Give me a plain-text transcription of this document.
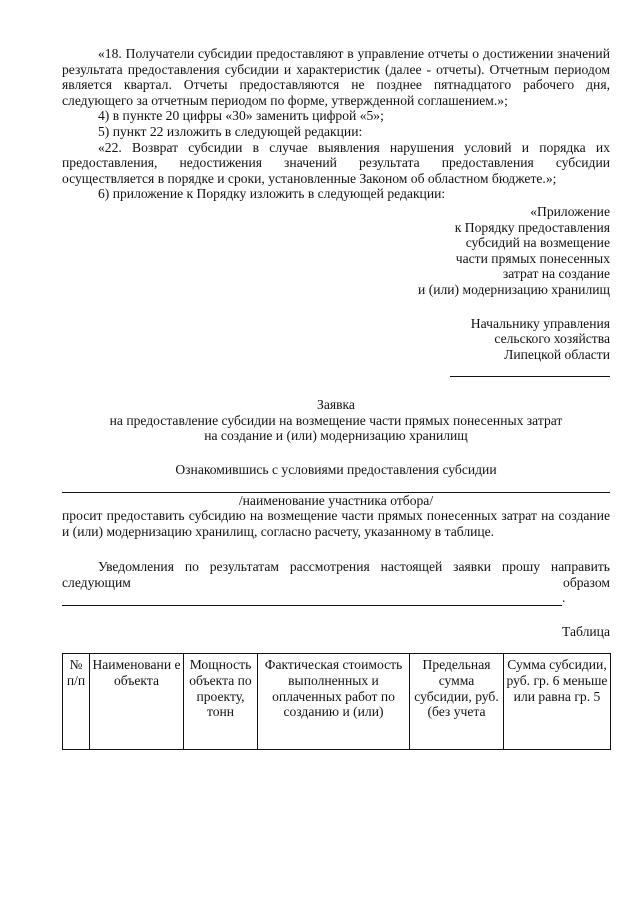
«18. Получатели субсидии предоставляют в управление отчеты о достижении значений результата предоставления субсидии и характеристик (далее - отчеты). Отчетным периодом является квартал. Отчеты предоставляются не позднее пятнадцатого рабочего дня, следующего за отчетным периодом по форме, утвержденной соглашением.»;

4) в пункте 20 цифры «30» заменить цифрой «5»;

5) пункт 22 изложить в следующей редакции:

«22. Возврат субсидии в случае выявления нарушения условий и порядка их предоставления, недостижения значений результата предоставления субсидии осуществляется в порядке и сроки, установленные Законом об областном бюджете.»;

6) приложение к Порядку изложить в следующей редакции:

«Приложение
к Порядку предоставления
субсидий на возмещение
части прямых понесенных
затрат на создание
и (или) модернизацию хранилищ
Начальнику управления
сельского хозяйства
Липецкой области
Заявка
на предоставление субсидии на возмещение части прямых понесенных затрат
на создание и (или) модернизацию хранилищ
Ознакомившись с условиями предоставления субсидии
/наименование участника отбора/

просит предоставить субсидию на возмещение части прямых понесенных затрат на создание и (или) модернизацию хранилищ, согласно расчету, указанному в таблице.

Уведомления по результатам рассмотрения настоящей заявки прошу направить следующим образом

.
Таблица
№ п/п	Наименовани е объекта	Мощность объекта по проекту, тонн	Фактическая стоимость выполненных и оплаченных работ по созданию и (или)	Предельная сумма субсидии, руб. (без учета	Сумма субсидии, руб. гр. 6 меньше или равна гр. 5
